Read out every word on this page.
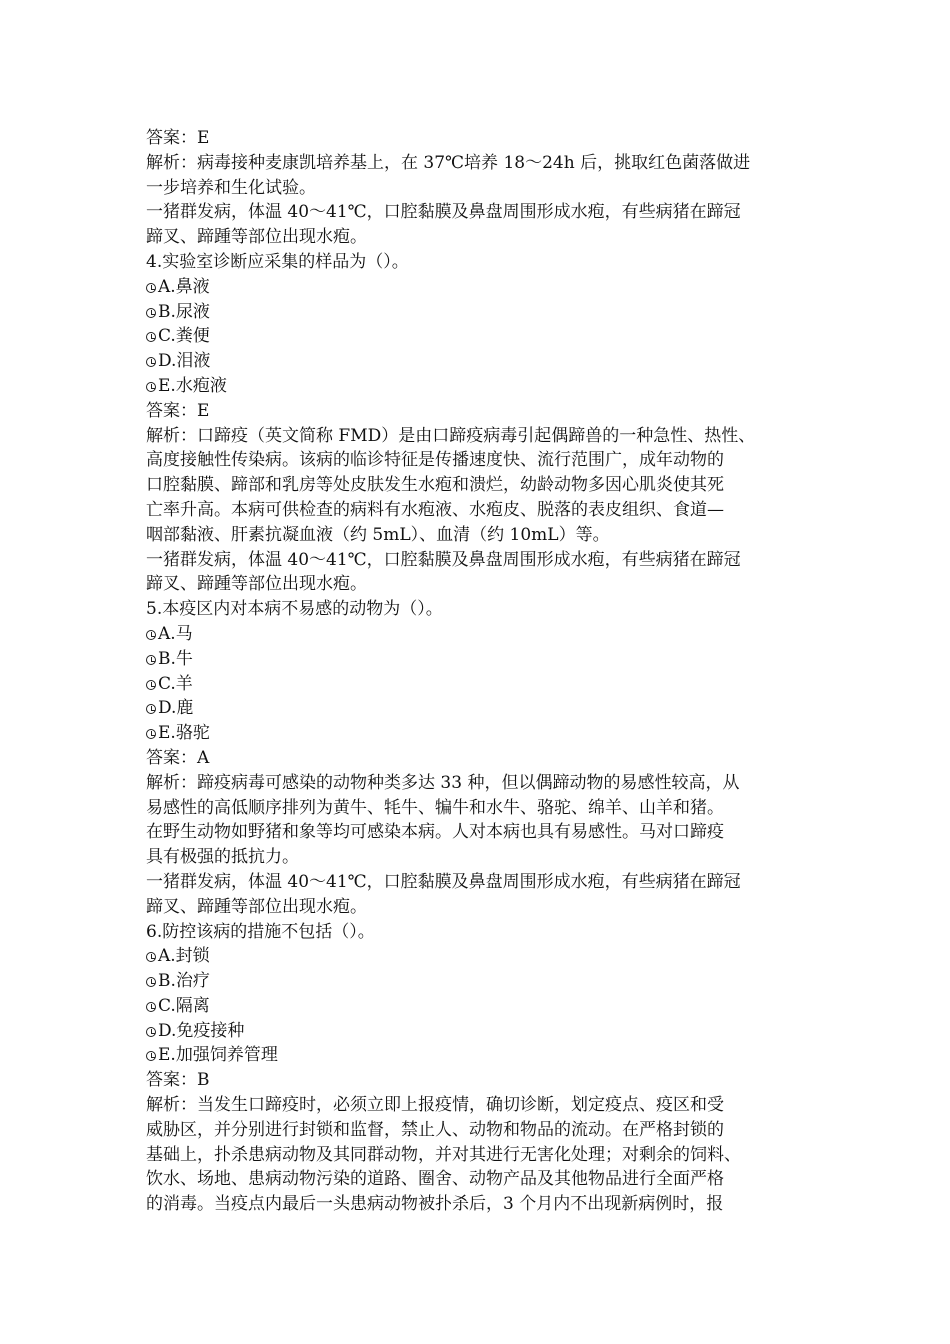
答案：E
解析：病毒接种麦康凯培养基上，在 37℃培养 18～24h 后，挑取红色菌落做进
一步培养和生化试验。
一猪群发病，体温 40～41℃，口腔黏膜及鼻盘周围形成水疱，有些病猪在蹄冠
蹄叉、蹄踵等部位出现水疱。
4.实验室诊断应采集的样品为（）。
A.鼻液
B.尿液
C.粪便
D.泪液
E.水疱液
答案：E
解析：口蹄疫（英文简称 FMD）是由口蹄疫病毒引起偶蹄兽的一种急性、热性、
高度接触性传染病。该病的临诊特征是传播速度快、流行范围广，成年动物的
口腔黏膜、蹄部和乳房等处皮肤发生水疱和溃烂，幼龄动物多因心肌炎使其死
亡率升高。本病可供检查的病料有水疱液、水疱皮、脱落的表皮组织、食道—
咽部黏液、肝素抗凝血液（约 5mL）、血清（约 10mL）等。
一猪群发病，体温 40～41℃，口腔黏膜及鼻盘周围形成水疱，有些病猪在蹄冠
蹄叉、蹄踵等部位出现水疱。
5.本疫区内对本病不易感的动物为（）。
A.马
B.牛
C.羊
D.鹿
E.骆驼
答案：A
解析：蹄疫病毒可感染的动物种类多达 33 种，但以偶蹄动物的易感性较高，从
易感性的高低顺序排列为黄牛、牦牛、犏牛和水牛、骆驼、绵羊、山羊和猪。
在野生动物如野猪和象等均可感染本病。人对本病也具有易感性。马对口蹄疫
具有极强的抵抗力。
一猪群发病，体温 40～41℃，口腔黏膜及鼻盘周围形成水疱，有些病猪在蹄冠
蹄叉、蹄踵等部位出现水疱。
6.防控该病的措施不包括（）。
A.封锁
B.治疗
C.隔离
D.免疫接种
E.加强饲养管理
答案：B
解析：当发生口蹄疫时，必须立即上报疫情，确切诊断，划定疫点、疫区和受
威胁区，并分别进行封锁和监督，禁止人、动物和物品的流动。在严格封锁的
基础上，扑杀患病动物及其同群动物，并对其进行无害化处理；对剩余的饲料、
饮水、场地、患病动物污染的道路、圈舍、动物产品及其他物品进行全面严格
的消毒。当疫点内最后一头患病动物被扑杀后，3 个月内不出现新病例时，报
